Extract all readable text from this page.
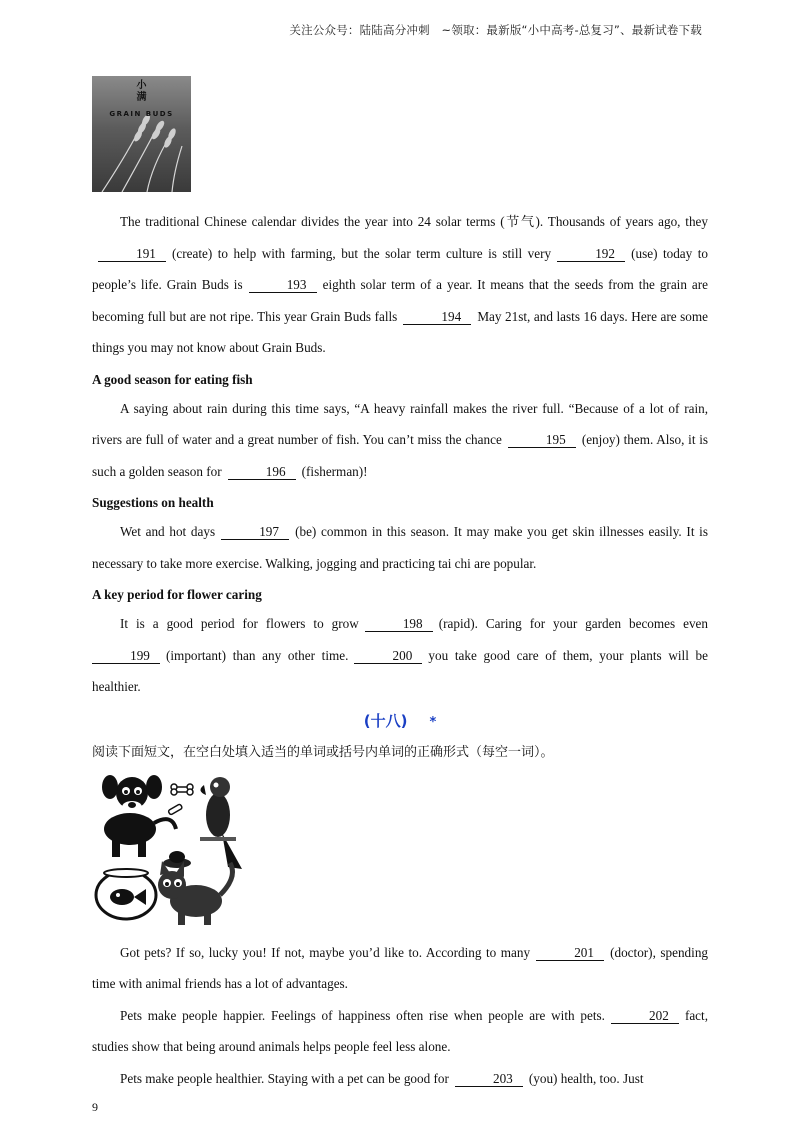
关注公众号：陆陆高分冲刺　~领取：最新版“小中高考-总复习”、最新试卷下载
小
满
GRAIN BUDS

The traditional Chinese calendar divides the year into 24 solar terms (节气). Thousands of years ago, they191 (create) to help with farming, but the solar term culture is still very	192 (use) today to people’s life. Grain Buds is	193 eighth solar term of a year. It means that the seeds from the grain are becoming full but are not ripe. This year Grain Buds falls	194 May 21st, and lasts 16 days. Here are some things you may not know about Grain Buds.

A good season for eating fish

A saying about rain during this time says, “A heavy rainfall makes the river full. “Because of a lot of rain, rivers are full of water and a great number of fish. You can’t miss the chance	195 (enjoy) them. Also, it is such a golden season for	196 (fisherman)!

Suggestions on health

Wet and hot days	197 (be) common in this season. It may make you get skin illnesses easily. It is necessary to take more exercise. Walking, jogging and practicing tai chi are popular.

A key period for flower caring

It is a good period for flowers to grow	198 (rapid). Caring for your garden becomes even 199 (important) than any other time.	200 you take good care of them, your plants will be healthier.

(十八) *
阅读下面短文，在空白处填入适当的单词或括号内单词的正确形式（每空一词）。

Got pets? If so, lucky you! If not, maybe you’d like to. According to many	201 (doctor), spending time with animal friends has a lot of advantages.

Pets make people happier. Feelings of happiness often rise when people are with pets.	202 fact, studies show that being around animals helps people feel less alone.

Pets make people healthier. Staying with a pet can be good for	203 (you) health, too. Just

9
